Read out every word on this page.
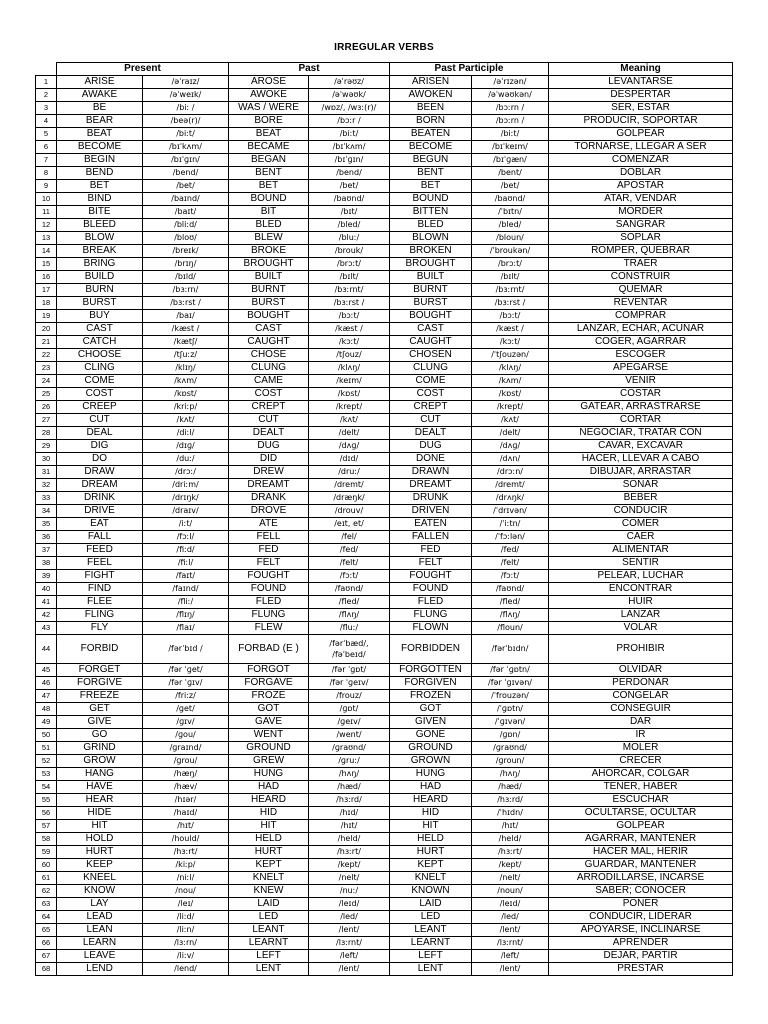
IRREGULAR VERBS
	Present		Past		Past Participle		Meaning
1	ARISE	/əˈraɪz/	AROSE	/əˈrəʊz/	ARISEN	/əˈrɪzən/	LEVANTARSE
2	AWAKE	/əˈweɪk/	AWOKE	/əˈwəʊk/	AWOKEN	/əˈwəʊkən/	DESPERTAR
3	BE	/biː /	WAS / WERE	/wɒz/, /wɜː(r)/	BEEN	/bɔːrn /	SER, ESTAR
4	BEAR	/beə(r)/	BORE	/bɔːr /	BORN	/bɔːrn /	PRODUCIR, SOPORTAR
5	BEAT	/biːt/	BEAT	/biːt/	BEATEN	/biːt/	GOLPEAR
6	BECOME	/bɪˈkʌm/	BECAME	/bɪˈkʌm/	BECOME	/bɪˈkeɪm/	TORNARSE, LLEGAR A SER
7	BEGIN	/bɪˈɡɪn/	BEGAN	/bɪˈɡɪn/	BEGUN	/bɪˈɡæn/	COMENZAR
8	BEND	/bend/	BENT	/bend/	BENT	/bent/	DOBLAR
9	BET	/bet/	BET	/bet/	BET	/bet/	APOSTAR
10	BIND	/baɪnd/	BOUND	/baʊnd/	BOUND	/baʊnd/	ATAR, VENDAR
11	BITE	/baɪt/	BIT	/bɪt/	BITTEN	/ˈbɪtn/	MORDER
12	BLEED	/bliːd/	BLED	/bled/	BLED	/bled/	SANGRAR
13	BLOW	/bloʊ/	BLEW	/bluː/	BLOWN	/bloun/	SOPLAR
14	BREAK	/breɪk/	BROKE	/brouk/	BROKEN	/ˈbroukən/	ROMPER, QUEBRAR
15	BRING	/brɪŋ/	BROUGHT	/brɔːt/	BROUGHT	/brɔːt/	TRAER
16	BUILD	/bɪld/	BUILT	/bɪlt/	BUILT	/bɪlt/	CONSTRUIR
17	BURN	/bɜːrn/	BURNT	/bɜːrnt/	BURNT	/bɜːrnt/	QUEMAR
18	BURST	/bɜːrst /	BURST	/bɜːrst /	BURST	/bɜːrst /	REVENTAR
19	BUY	/baɪ/	BOUGHT	/bɔːt/	BOUGHT	/bɔːt/	COMPRAR
20	CAST	/kæst /	CAST	/kæst /	CAST	/kæst /	LANZAR, ECHAR, ACUÑAR
21	CATCH	/kætʃ/	CAUGHT	/kɔːt/	CAUGHT	/kɔːt/	COGER, AGARRAR
22	CHOOSE	/tʃuːz/	CHOSE	/tʃouz/	CHOSEN	/ˈtʃouzən/	ESCOGER
23	CLING	/klɪŋ/	CLUNG	/klʌŋ/	CLUNG	/klʌŋ/	APEGARSE
24	COME	/kʌm/	CAME	/keɪm/	COME	/kʌm/	VENIR
25	COST	/kɒst/	COST	/kɒst/	COST	/kɒst/	COSTAR
26	CREEP	/kriːp/	CREPT	/krept/	CREPT	/krept/	GATEAR, ARRASTRARSE
27	CUT	/kʌt/	CUT	/kʌt/	CUT	/kʌt/	CORTAR
28	DEAL	/diːl/	DEALT	/delt/	DEALT	/delt/	NEGOCIAR, TRATAR CON
29	DIG	/dɪɡ/	DUG	/dʌɡ/	DUG	/dʌɡ/	CAVAR, EXCAVAR
30	DO	/duː/	DID	/dɪd/	DONE	/dʌn/	HACER, LLEVAR A CABO
31	DRAW	/drɔː/	DREW	/druː/	DRAWN	/drɔːn/	DIBUJAR, ARRASTAR
32	DREAM	/driːm/	DREAMT	/dremt/	DREAMT	/dremt/	SOÑAR
33	DRINK	/drɪŋk/	DRANK	/dræŋk/	DRUNK	/drʌŋk/	BEBER
34	DRIVE	/draɪv/	DROVE	/drouv/	DRIVEN	/ˈdrɪvən/	CONDUCIR
35	EAT	/iːt/	ATE	/eɪt, et/	EATEN	/ˈiːtn/	COMER
36	FALL	/fɔːl/	FELL	/fel/	FALLEN	/ˈfɔːlən/	CAER
37	FEED	/fiːd/	FED	/fed/	FED	/fed/	ALIMENTAR
38	FEEL	/fiːl/	FELT	/felt/	FELT	/felt/	SENTIR
39	FIGHT	/faɪt/	FOUGHT	/fɔːt/	FOUGHT	/fɔːt/	PELEAR, LUCHAR
40	FIND	/faɪnd/	FOUND	/faʊnd/	FOUND	/faʊnd/	ENCONTRAR
41	FLEE	/fliː/	FLED	/fled/	FLED	/fled/	HUIR
42	FLING	/flɪŋ/	FLUNG	/flʌŋ/	FLUNG	/flʌŋ/	LANZAR
43	FLY	/flaɪ/	FLEW	/fluː/	FLOWN	/floun/	VOLAR
44	FORBID	/fərˈbɪd /	FORBAD (E )	/fərˈbæd/,
/fəˈbeɪd/	FORBIDDEN	/fərˈbɪdn/	PROHIBIR
45	FORGET	/fər ˈɡet/	FORGOT	/fər ˈɡɒt/	FORGOTTEN	/fər ˈɡɒtn/	OLVIDAR
46	FORGIVE	/fər ˈɡɪv/	FORGAVE	/fər ˈɡeɪv/	FORGIVEN	/fər ˈɡɪvən/	PERDONAR
47	FREEZE	/friːz/	FROZE	/frouz/	FROZEN	/ˈfrouzən/	CONGELAR
48	GET	/ɡet/	GOT	/ɡɒt/	GOT	/ˈɡɒtn/	CONSEGUIR
49	GIVE	/ɡɪv/	GAVE	/ɡeɪv/	GIVEN	/ˈɡɪvən/	DAR
50	GO	/ɡou/	WENT	/went/	GONE	/ɡɒn/	IR
51	GRIND	/ɡraɪnd/	GROUND	/ɡraʊnd/	GROUND	/ɡraʊnd/	MOLER
52	GROW	/ɡrou/	GREW	/ɡruː/	GROWN	/ɡroun/	CRECER
53	HANG	/hæŋ/	HUNG	/hʌŋ/	HUNG	/hʌŋ/	AHORCAR, COLGAR
54	HAVE	/hæv/	HAD	/hæd/	HAD	/hæd/	TENER, HABER
55	HEAR	/hɪər/	HEARD	/hɜːrd/	HEARD	/hɜːrd/	ESCUCHAR
56	HIDE	/haɪd/	HID	/hɪd/	HID	/ˈhɪdn/	OCULTARSE, OCULTAR
57	HIT	/hɪt/	HIT	/hɪt/	HIT	/hɪt/	GOLPEAR
58	HOLD	/hould/	HELD	/held/	HELD	/held/	AGARRAR, MANTENER
59	HURT	/hɜːrt/	HURT	/hɜːrt/	HURT	/hɜːrt/	HACER MAL, HERIR
60	KEEP	/kiːp/	KEPT	/kept/	KEPT	/kept/	GUARDAR, MANTENER
61	KNEEL	/niːl/	KNELT	/nelt/	KNELT	/nelt/	ARRODILLARSE, INCARSE
62	KNOW	/nou/	KNEW	/nuː/	KNOWN	/noun/	SABER; CONOCER
63	LAY	/leɪ/	LAID	/leɪd/	LAID	/leɪd/	PONER
64	LEAD	/liːd/	LED	/led/	LED	/led/	CONDUCIR, LIDERAR
65	LEAN	/liːn/	LEANT	/lent/	LEANT	/lent/	APOYARSE, INCLINARSE
66	LEARN	/lɜːrn/	LEARNT	/lɜːrnt/	LEARNT	/lɜːrnt/	APRENDER
67	LEAVE	/liːv/	LEFT	/left/	LEFT	/left/	DEJAR, PARTIR
68	LEND	/lend/	LENT	/lent/	LENT	/lent/	PRESTAR
